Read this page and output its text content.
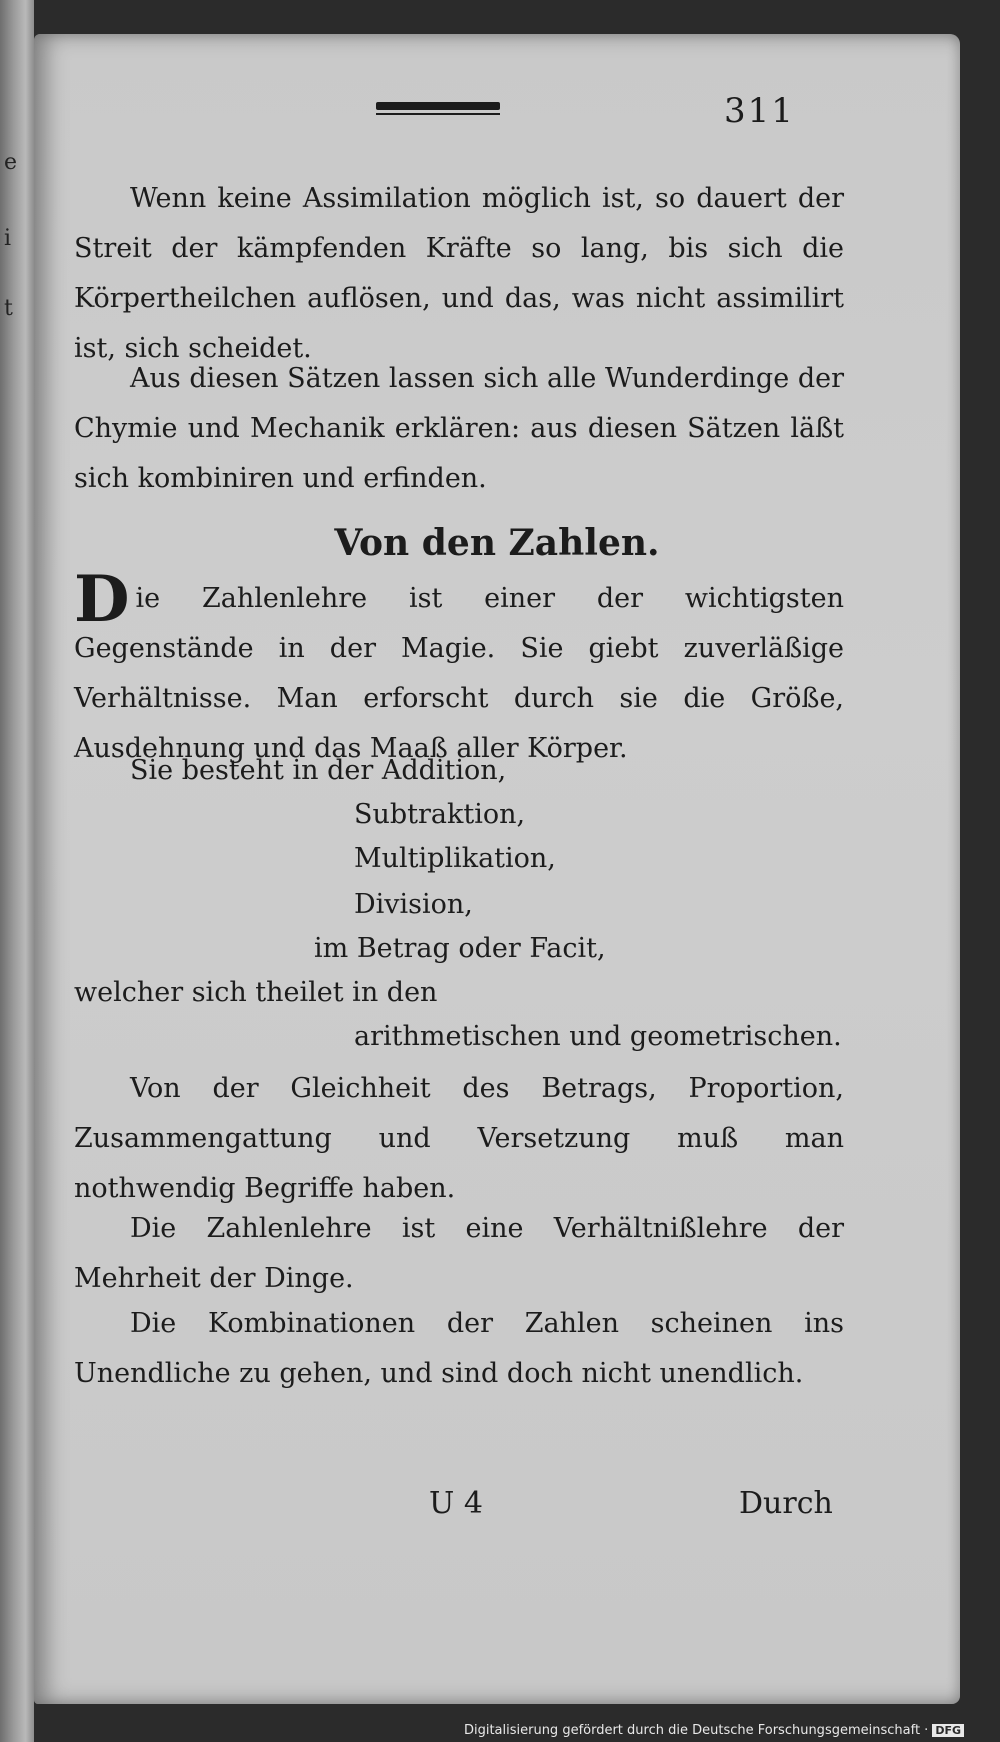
e
i
t
311

Wenn keine Assimilation möglich ist, so dauert der Streit der kämpfenden Kräfte so lang, bis sich die Körpertheilchen auflösen, und das, was nicht assimilirt ist, sich scheidet.

Aus diesen Sätzen lassen sich alle Wunderdinge der Chymie und Mechanik erklären: aus diesen Sätzen läßt sich kombiniren und erfinden.

Von den Zahlen.

Die Zahlenlehre ist einer der wichtigsten Gegenstände in der Magie. Sie giebt zuverläßige Verhältnisse. Man erforscht durch sie die Größe, Ausdehnung und das Maaß aller Körper.

Sie besteht in der Addition,
Subtraktion,
Multiplikation,
Division,
im Betrag oder Facit,
welcher sich theilet in den
arithmetischen und geometrischen.

Von der Gleichheit des Betrags, Proportion, Zusammengattung und Versetzung muß man nothwendig Begriffe haben.

Die Zahlenlehre ist eine Verhältnißlehre der Mehrheit der Dinge.

Die Kombinationen der Zahlen scheinen ins Unendliche zu gehen, und sind doch nicht unendlich.

U 4	Durch
Digitalisierung gefördert durch die Deutsche Forschungsgemeinschaft · DFG
